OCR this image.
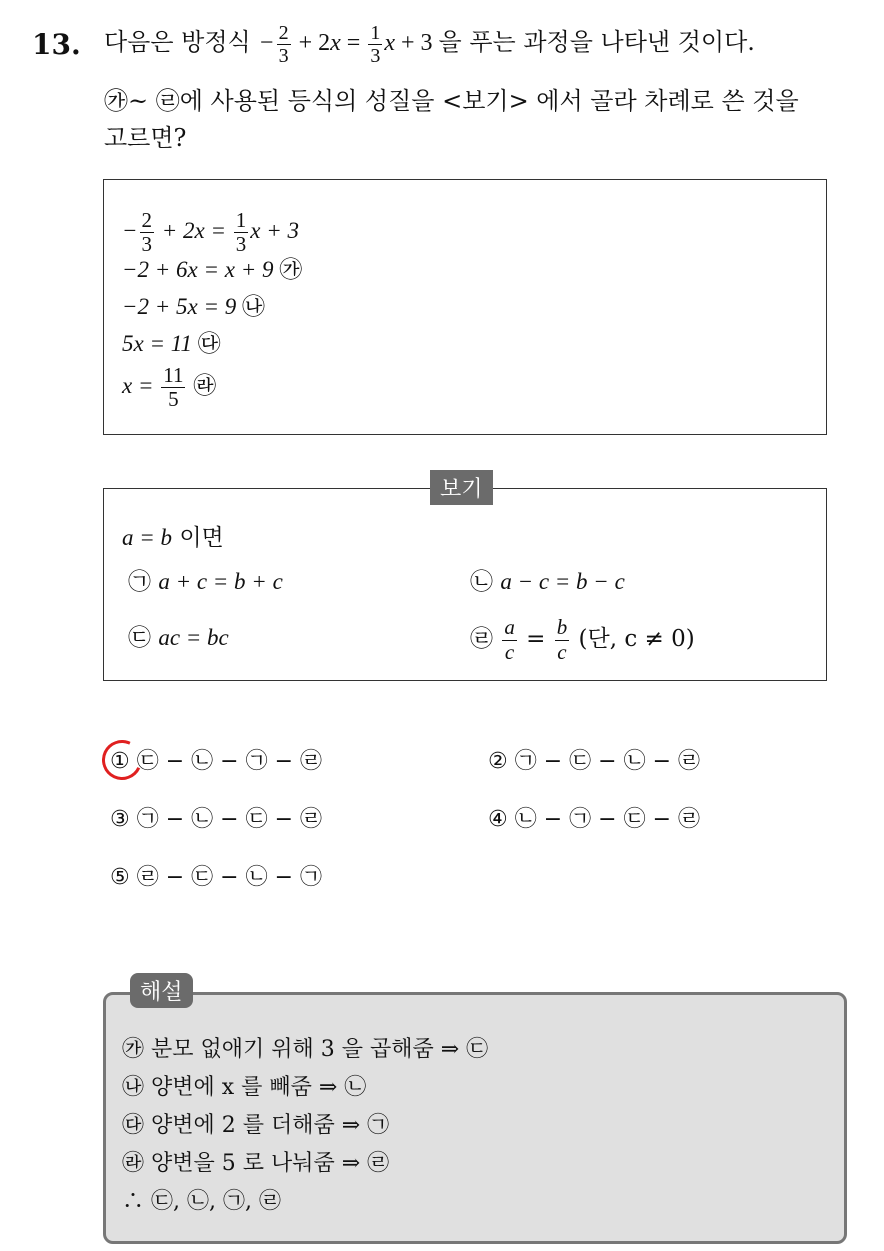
13. 다음은 방정식 − $\frac{2}{3} + 2x = \frac{1}{3}$ x + 3 을 푸는 과정을 나타낸 것이다.
㉮~ ㉣에 사용된 등식의 성질을 <보기> 에서 골라 차례로 쓴 것을
고르면?
− $\frac{2}{3} + 2x = \frac{1}{3}$ x + 3
−2 + 6x = x + 9 ㉮
−2 + 5x = 9 ㉯
5x = 11 ㉰
$x = \frac{11}{5}$ ㉱
보기
a = b 이면
㉠ a + c = b + c	㉡ a − c = b − c
㉢ ac = bc	㉣ $\frac{a}{c} = \frac{b}{c}$ (단, c ≠ 0)
① ㉢ − ㉡ − ㉠ − ㉣	② ㉠ − ㉢ − ㉡ − ㉣
③ ㉠ − ㉡ − ㉢ − ㉣	④ ㉡ − ㉠ − ㉢ − ㉣
⑤ ㉣ − ㉢ − ㉡ − ㉠
해설
㉮ 분모 없애기 위해 3 을 곱해줌 ⇒ ㉢
㉯ 양변에 x 를 빼줌 ⇒ ㉡
㉰ 양변에 2 를 더해줌 ⇒ ㉠
㉱ 양변을 5 로 나눠줌 ⇒ ㉣
∴ ㉢, ㉡, ㉠, ㉣
